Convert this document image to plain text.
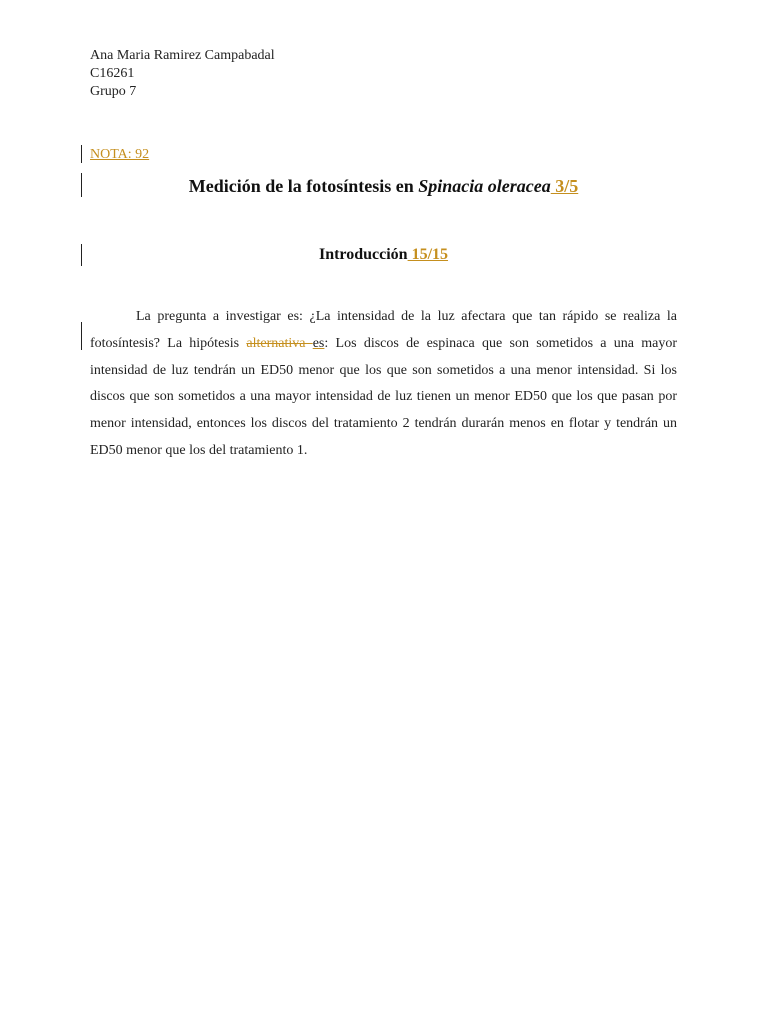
Ana Maria Ramirez Campabadal
C16261
Grupo 7
NOTA: 92
Medición de la fotosíntesis en Spinacia oleracea 3/5
Introducción 15/15
La pregunta a investigar es: ¿La intensidad de la luz afectara que tan rápido se realiza la fotosíntesis? La hipótesis alternativa es: Los discos de espinaca que son sometidos a una mayor intensidad de luz tendrán un ED50 menor que los que son sometidos a una menor intensidad. Si los discos que son sometidos a una mayor intensidad de luz tienen un menor ED50 que los que pasan por menor intensidad, entonces los discos del tratamiento 2 tendrán durarán menos en flotar y tendrán un ED50 menor que los del tratamiento 1.
